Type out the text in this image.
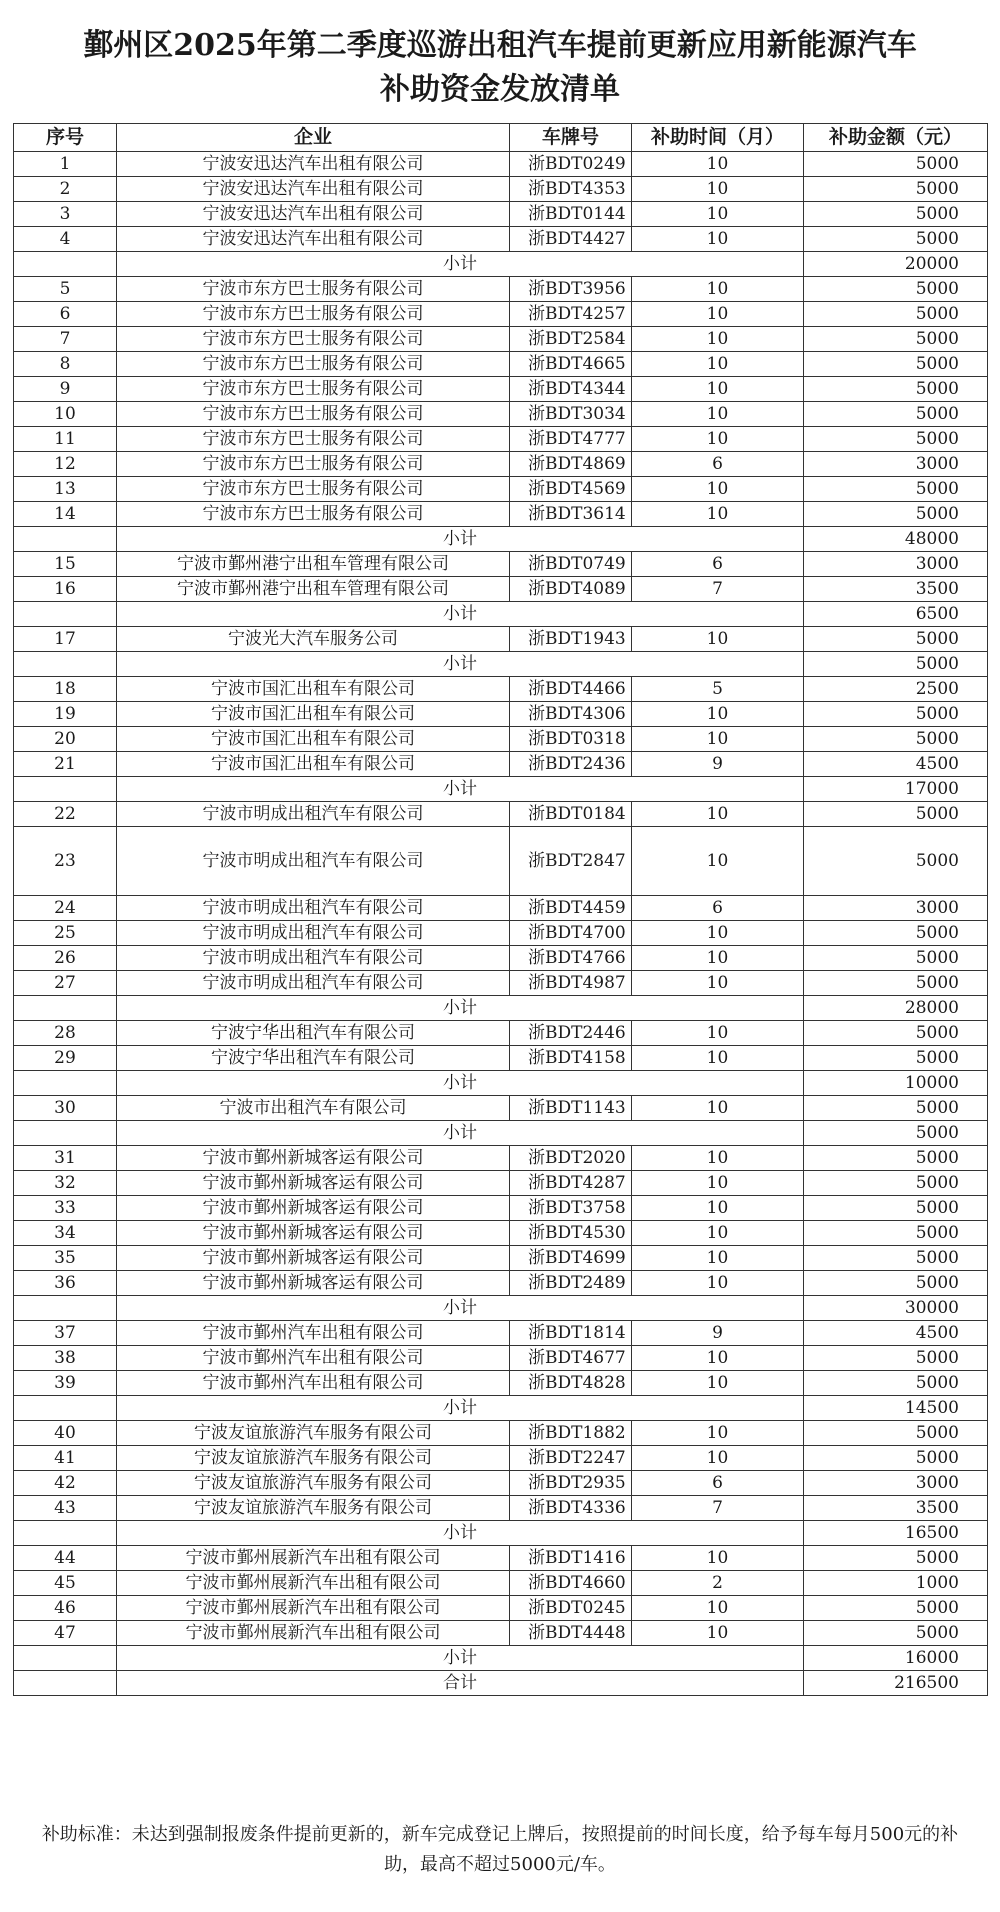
鄞州区2025年第二季度巡游出租汽车提前更新应用新能源汽车
补助资金发放清单
序号	企业	车牌号	补助时间（月）	补助金额（元）
1	宁波安迅达汽车出租有限公司	浙BDT0249	10	5000
2	宁波安迅达汽车出租有限公司	浙BDT4353	10	5000
3	宁波安迅达汽车出租有限公司	浙BDT0144	10	5000
4	宁波安迅达汽车出租有限公司	浙BDT4427	10	5000
	小计			20000
5	宁波市东方巴士服务有限公司	浙BDT3956	10	5000
6	宁波市东方巴士服务有限公司	浙BDT4257	10	5000
7	宁波市东方巴士服务有限公司	浙BDT2584	10	5000
8	宁波市东方巴士服务有限公司	浙BDT4665	10	5000
9	宁波市东方巴士服务有限公司	浙BDT4344	10	5000
10	宁波市东方巴士服务有限公司	浙BDT3034	10	5000
11	宁波市东方巴士服务有限公司	浙BDT4777	10	5000
12	宁波市东方巴士服务有限公司	浙BDT4869	6	3000
13	宁波市东方巴士服务有限公司	浙BDT4569	10	5000
14	宁波市东方巴士服务有限公司	浙BDT3614	10	5000
	小计			48000
15	宁波市鄞州港宁出租车管理有限公司	浙BDT0749	6	3000
16	宁波市鄞州港宁出租车管理有限公司	浙BDT4089	7	3500
	小计			6500
17	宁波光大汽车服务公司	浙BDT1943	10	5000
	小计			5000
18	宁波市国汇出租车有限公司	浙BDT4466	5	2500
19	宁波市国汇出租车有限公司	浙BDT4306	10	5000
20	宁波市国汇出租车有限公司	浙BDT0318	10	5000
21	宁波市国汇出租车有限公司	浙BDT2436	9	4500
	小计			17000
22	宁波市明成出租汽车有限公司	浙BDT0184	10	5000
23	宁波市明成出租汽车有限公司	浙BDT2847	10	5000
24	宁波市明成出租汽车有限公司	浙BDT4459	6	3000
25	宁波市明成出租汽车有限公司	浙BDT4700	10	5000
26	宁波市明成出租汽车有限公司	浙BDT4766	10	5000
27	宁波市明成出租汽车有限公司	浙BDT4987	10	5000
	小计			28000
28	宁波宁华出租汽车有限公司	浙BDT2446	10	5000
29	宁波宁华出租汽车有限公司	浙BDT4158	10	5000
	小计			10000
30	宁波市出租汽车有限公司	浙BDT1143	10	5000
	小计			5000
31	宁波市鄞州新城客运有限公司	浙BDT2020	10	5000
32	宁波市鄞州新城客运有限公司	浙BDT4287	10	5000
33	宁波市鄞州新城客运有限公司	浙BDT3758	10	5000
34	宁波市鄞州新城客运有限公司	浙BDT4530	10	5000
35	宁波市鄞州新城客运有限公司	浙BDT4699	10	5000
36	宁波市鄞州新城客运有限公司	浙BDT2489	10	5000
	小计			30000
37	宁波市鄞州汽车出租有限公司	浙BDT1814	9	4500
38	宁波市鄞州汽车出租有限公司	浙BDT4677	10	5000
39	宁波市鄞州汽车出租有限公司	浙BDT4828	10	5000
	小计			14500
40	宁波友谊旅游汽车服务有限公司	浙BDT1882	10	5000
41	宁波友谊旅游汽车服务有限公司	浙BDT2247	10	5000
42	宁波友谊旅游汽车服务有限公司	浙BDT2935	6	3000
43	宁波友谊旅游汽车服务有限公司	浙BDT4336	7	3500
	小计			16500
44	宁波市鄞州展新汽车出租有限公司	浙BDT1416	10	5000
45	宁波市鄞州展新汽车出租有限公司	浙BDT4660	2	1000
46	宁波市鄞州展新汽车出租有限公司	浙BDT0245	10	5000
47	宁波市鄞州展新汽车出租有限公司	浙BDT4448	10	5000
	小计			16000
	合计			216500
补助标准：未达到强制报废条件提前更新的，新车完成登记上牌后，按照提前的时间长度，给予每车每月500元的补助，最高不超过5000元/车。
